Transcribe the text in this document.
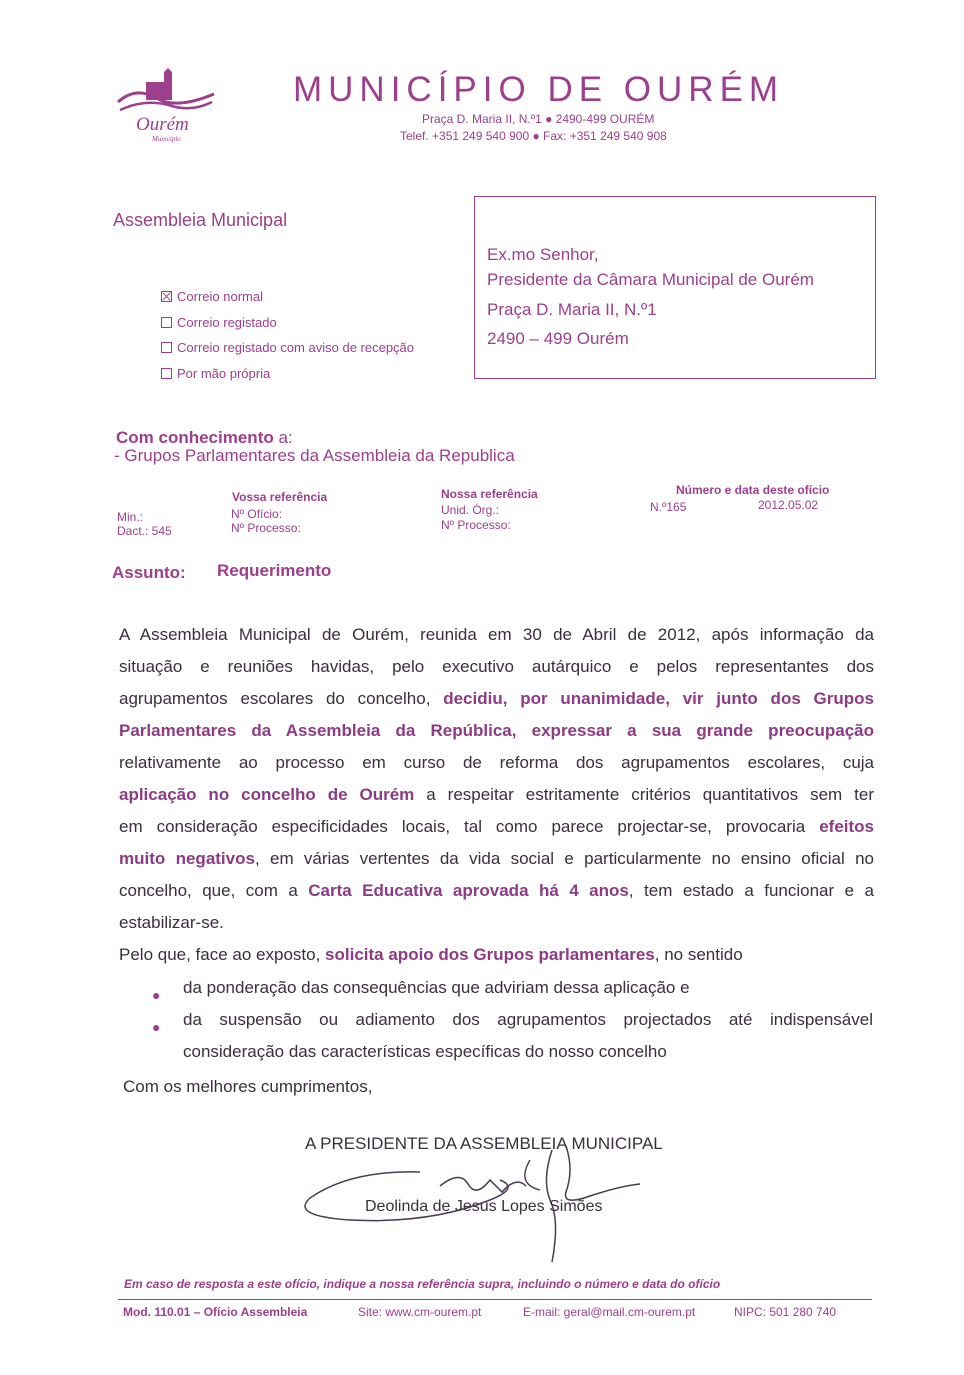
Ourém
Município
MUNICÍPIO DE OURÉM
Praça D. Maria II, N.º1 ● 2490-499 OURÉM
Telef. +351 249 540 900 ● Fax: +351 249 540 908
Assembleia Municipal
Ex.mo Senhor,
Presidente da Câmara Municipal de Ourém
Praça D. Maria II, N.º1
2490 – 499 Ourém
Correio normal
Correio registado
Correio registado com aviso de recepção
Por mão própria
Com conhecimento a:
- Grupos Parlamentares da Assembleia da Republica
Min.:
Dact.: 545
Vossa referência
Nº Ofício:
Nº Processo:
Nossa referência
Unid. Órg.:
Nº Processo:
Número e data deste ofício
N.º165	2012.05.02
Assunto: Requerimento
A Assembleia Municipal de Ourém, reunida em 30 de Abril de 2012, após informação da
situação e reuniões havidas, pelo executivo autárquico e pelos representantes dos
agrupamentos escolares do concelho, decidiu, por unanimidade, vir junto dos Grupos
Parlamentares da Assembleia da República, expressar a sua grande preocupação
relativamente ao processo em curso de reforma dos agrupamentos escolares, cuja
aplicação no concelho de Ourém a respeitar estritamente critérios quantitativos sem ter
em consideração especificidades locais, tal como parece projectar-se, provocaria efeitos
muito negativos, em várias vertentes da vida social e particularmente no ensino oficial no
concelho, que, com a Carta Educativa aprovada há 4 anos, tem estado a funcionar e a
estabilizar-se.
Pelo que, face ao exposto, solicita apoio dos Grupos parlamentares, no sentido
● da ponderação das consequências que adviriam dessa aplicação e
● da suspensão ou adiamento dos agrupamentos projectados até indispensável
consideração das características específicas do nosso concelho
Com os melhores cumprimentos,
A PRESIDENTE DA ASSEMBLEIA MUNICIPAL
Deolinda de Jesus Lopes Simões
Em caso de resposta a este ofício, indique a nossa referência supra, incluindo o número e data do ofício
Mod. 110.01 – Ofício Assembleia	Site: www.cm-ourem.pt	E-mail: geral@mail.cm-ourem.pt	NIPC: 501 280 740
